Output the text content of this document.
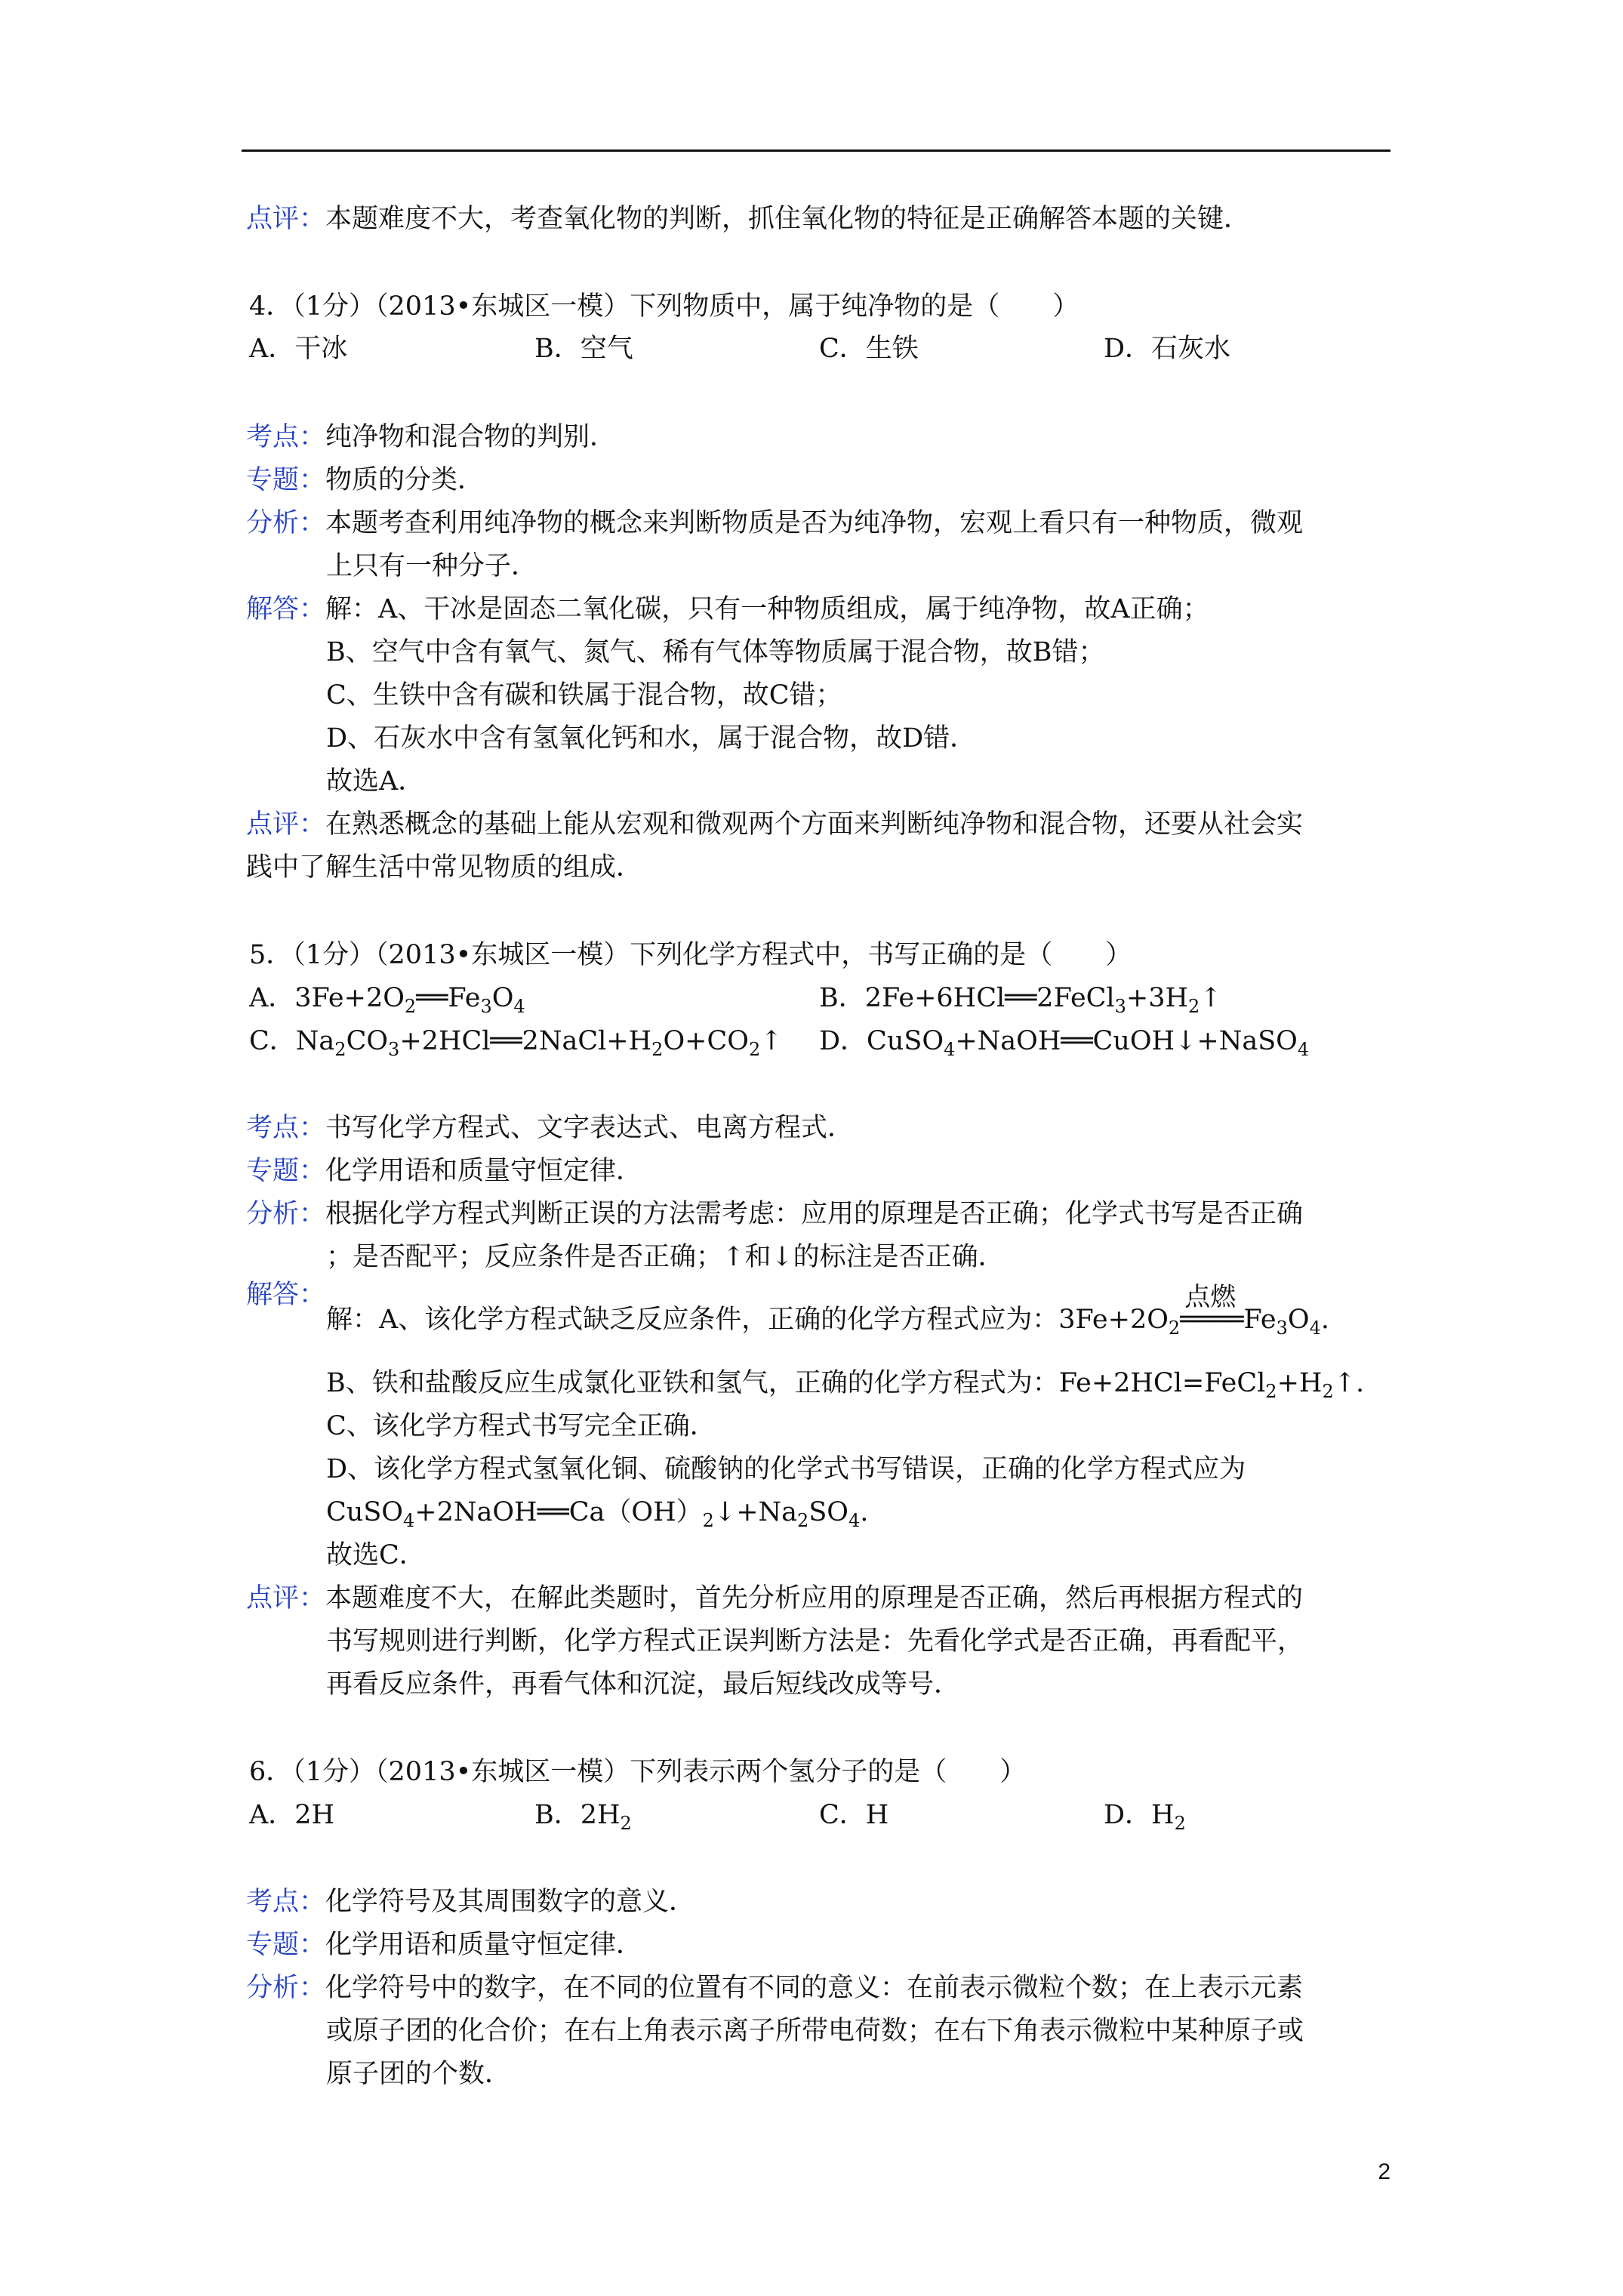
点评：本题难度不大，考查氧化物的判断，抓住氧化物的特征是正确解答本题的关键．
4．（1分）（2013•东城区一模）下列物质中，属于纯净物的是（　　）
A．干冰	B．空气	C．生铁	D．石灰水
考点：纯净物和混合物的判别．
专题：物质的分类．
分析：本题考查利用纯净物的概念来判断物质是否为纯净物，宏观上看只有一种物质，微观
上只有一种分子．
解答：解：A、干冰是固态二氧化碳，只有一种物质组成，属于纯净物，故A正确；
B、空气中含有氧气、氮气、稀有气体等物质属于混合物，故B错；
C、生铁中含有碳和铁属于混合物，故C错；
D、石灰水中含有氢氧化钙和水，属于混合物，故D错．
故选A．
点评：在熟悉概念的基础上能从宏观和微观两个方面来判断纯净物和混合物，还要从社会实
践中了解生活中常见物质的组成．
5．（1分）（2013•东城区一模）下列化学方程式中，书写正确的是（　　）
A．$3Fe+2O_2══Fe_3O_4$	B．$2Fe+6HCl══2FeCl_3+3H_2↑$
C．$Na_2CO_3+2HCl══2NaCl+H_2O+CO_2↑$ D．CuSO$_4$+NaOH══CuOH↓+NaSO$_4$
考点：书写化学方程式、文字表达式、电离方程式．
专题：化学用语和质量守恒定律．
分析：根据化学方程式判断正误的方法需考虑：应用的原理是否正确；化学式书写是否正确
；是否配平；反应条件是否正确；↑和↓的标注是否正确．
解答：
解：A、该化学方程式缺乏反应条件，正确的化学方程式应为：$3Fe+2O_2$
点燃
$════Fe_3O_4$.
B、铁和盐酸反应生成氯化亚铁和氢气，正确的化学方程式为：$Fe+2HCl=FeCl_2+H_2↑$.
C、该化学方程式书写完全正确．
D、该化学方程式氢氧化铜、硫酸钠的化学式书写错误，正确的化学方程式应为
$CuSO_4+2NaOH══Ca(OH)_2↓+Na_2SO_4$.
故选C．
点评：本题难度不大，在解此类题时，首先分析应用的原理是否正确，然后再根据方程式的
书写规则进行判断，化学方程式正误判断方法是：先看化学式是否正确，再看配平，
再看反应条件，再看气体和沉淀，最后短线改成等号．
6．（1分）（2013•东城区一模）下列表示两个氢分子的是（　　）
A．2H	B．$2H_2$	C．H	D．$H_2$
考点：化学符号及其周围数字的意义．
专题：化学用语和质量守恒定律．
分析：化学符号中的数字，在不同的位置有不同的意义：在前表示微粒个数；在上表示元素
或原子团的化合价；在右上角表示离子所带电荷数；在右下角表示微粒中某种原子或
原子团的个数．
2
